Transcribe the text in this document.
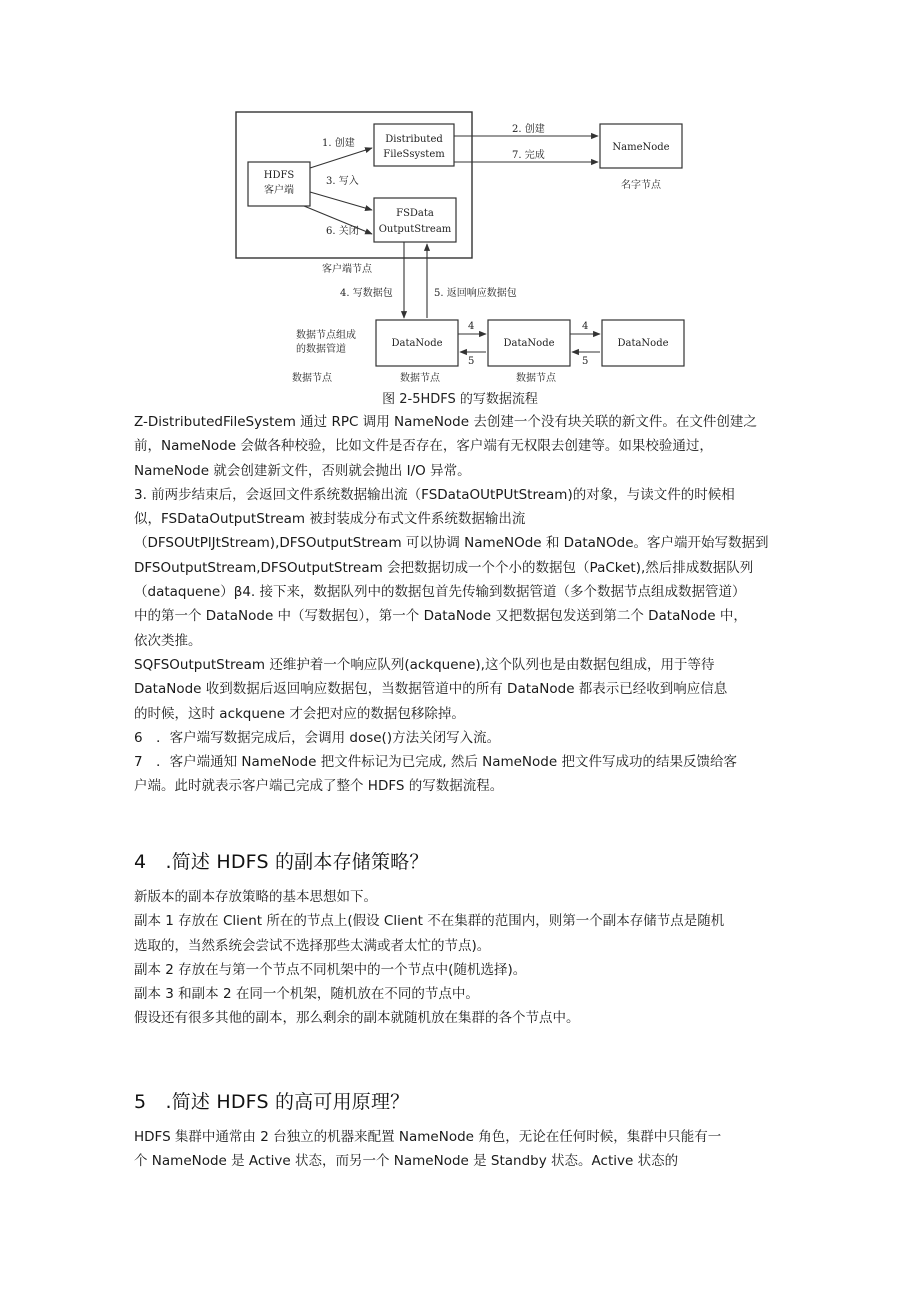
HDFS
客户端
Distributed
FileSsystem
FSData
OutputStream
NameNode
名字节点
1. 创建
3. 写入
6. 关闭
2. 创建
7. 完成
客户端节点
4. 写数据包	5. 返回响应数据包
数据节点组成
的数据管道
DataNode	DataNode	DataNode
4
5
4
5
数据节点	数据节点	数据节点
图 2-5HDFS 的写数据流程

Z-DistributedFileSystem 通过 RPC 调用 NameNode 去创建一个没有块关联的新文件。在文件创建之

前，NameNode 会做各种校验，比如文件是否存在，客户端有无权限去创建等。如果校验通过，

NameNode 就会创建新文件，否则就会抛出 I/O 异常。

3. 前两步结束后，会返回文件系统数据输出流（FSDataOUtPUtStream)的对象，与读文件的时候相

似，FSDataOutputStream 被封装成分布式文件系统数据输出流

（DFSOUtPlJtStream),DFSOutputStream 可以协调 NameNOde 和 DataNOde。客户端开始写数据到

DFSOutputStream,DFSOutputStream 会把数据切成一个个小的数据包（PaCket),然后排成数据队列

（dataquene）β4. 接下来，数据队列中的数据包首先传输到数据管道（多个数据节点组成数据管道）

中的第一个 DataNode 中（写数据包），第一个 DataNode 又把数据包发送到第二个 DataNode 中，

依次类推。

SQFSOutputStream 还维护着一个响应队列(ackquene),这个队列也是由数据包组成，用于等待

DataNode 收到数据后返回响应数据包，当数据管道中的所有 DataNode 都表示已经收到响应信息

的时候，这时 ackquene 才会把对应的数据包移除掉。

6　．客户端写数据完成后，会调用 dose()方法关闭写入流。

7　．客户端通知 NameNode 把文件标记为已完成, 然后 NameNode 把文件写成功的结果反馈给客

户端。此时就表示客户端己完成了整个 HDFS 的写数据流程。

4　.简述 HDFS 的副本存储策略？

新版本的副本存放策略的基本思想如下。

副本 1 存放在 Client 所在的节点上(假设 Client 不在集群的范围内，则第一个副本存储节点是随机

选取的，当然系统会尝试不选择那些太满或者太忙的节点)。

副本 2 存放在与第一个节点不同机架中的一个节点中(随机选择)。

副本 3 和副本 2 在同一个机架，随机放在不同的节点中。

假设还有很多其他的副本，那么剩余的副本就随机放在集群的各个节点中。

5　.简述 HDFS 的高可用原理？

HDFS 集群中通常由 2 台独立的机器来配置 NameNode 角色，无论在任何时候，集群中只能有一

个 NameNode 是 Active 状态，而另一个 NameNode 是 Standby 状态。Active 状态的
